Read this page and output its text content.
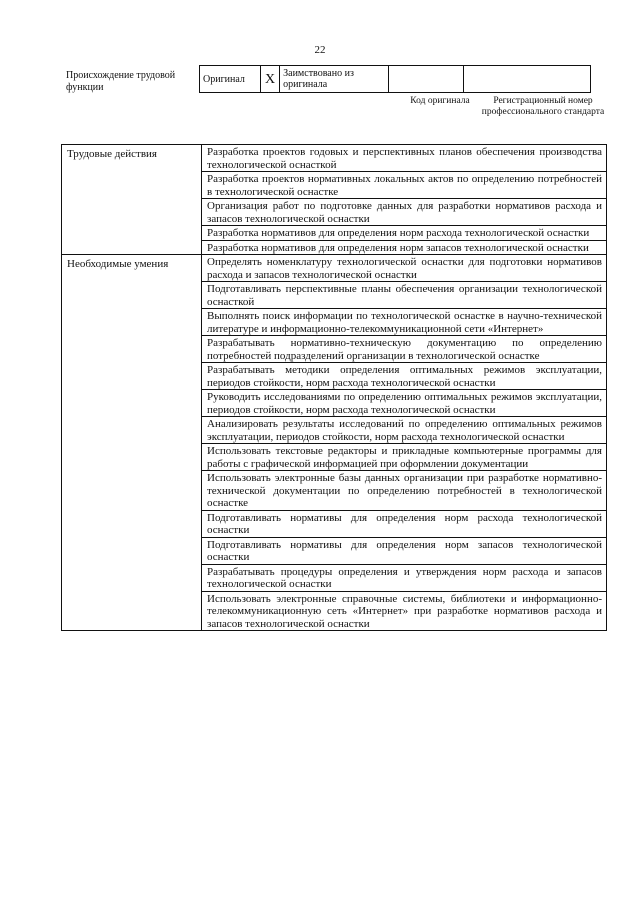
22
Происхождение трудовой функции
Оригинал	X	Заимствовано из оригинала		
Код оригинала	Регистрационный номер профессионального стандарта
Трудовые действия	Разработка проектов годовых и перспективных планов обеспечения производства технологической оснасткой
	Разработка проектов нормативных локальных актов по определению потребностей в технологической оснастке
	Организация работ по подготовке данных для разработки нормативов расхода и запасов технологической оснастки
	Разработка нормативов для определения норм расхода технологической оснастки
	Разработка нормативов для определения норм запасов технологической оснастки
Необходимые умения	Определять номенклатуру технологической оснастки для подготовки нормативов расхода и запасов технологической оснастки
	Подготавливать перспективные планы обеспечения организации технологической оснасткой
	Выполнять поиск информации по технологической оснастке в научно-технической литературе и информационно-телекоммуникационной сети «Интернет»
	Разрабатывать нормативно-техническую документацию по определению потребностей подразделений организации в технологической оснастке
	Разрабатывать методики определения оптимальных режимов эксплуатации, периодов стойкости, норм расхода технологической оснастки
	Руководить исследованиями по определению оптимальных режимов эксплуатации, периодов стойкости, норм расхода технологической оснастки
	Анализировать результаты исследований по определению оптимальных режимов эксплуатации, периодов стойкости, норм расхода технологической оснастки
	Использовать текстовые редакторы и прикладные компьютерные программы для работы с графической информацией при оформлении документации
	Использовать электронные базы данных организации при разработке нормативно-технической документации по определению потребностей в технологической оснастке
	Подготавливать нормативы для определения норм расхода технологической оснастки
	Подготавливать нормативы для определения норм запасов технологической оснастки
	Разрабатывать процедуры определения и утверждения норм расхода и запасов технологической оснастки
	Использовать электронные справочные системы, библиотеки и информационно-телекоммуникационную сеть «Интернет» при разработке нормативов расхода и запасов технологической оснастки
